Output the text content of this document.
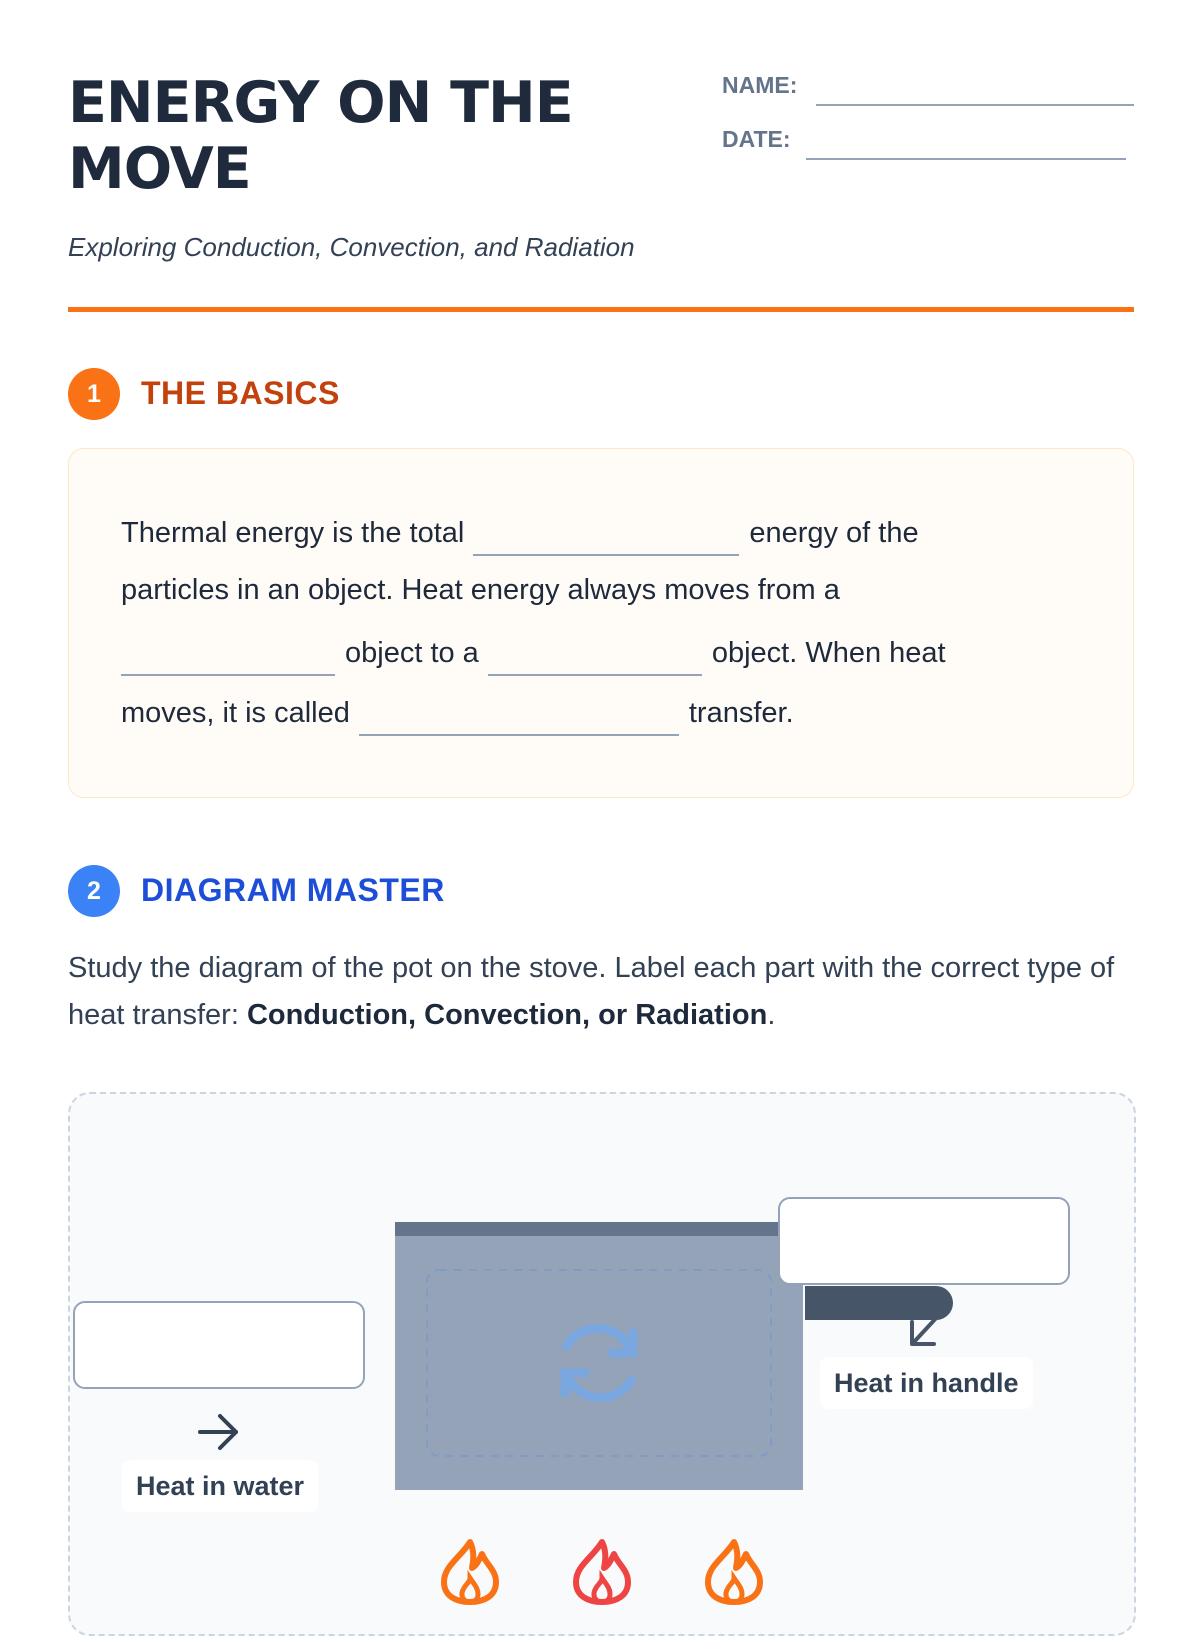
ENERGY ON THE MOVE
Exploring Conduction, Convection, and Radiation
NAME:
DATE:
1	THE BASICS
Thermal energy is the total	energy of the
particles in an object. Heat energy always moves from a
object to a	object. When heat
moves, it is called	transfer.
2	DIAGRAM MASTER
Study the diagram of the pot on the stove. Label each part with the correct type of heat transfer: Conduction, Convection, or Radiation.
Heat in handle
Heat in water
